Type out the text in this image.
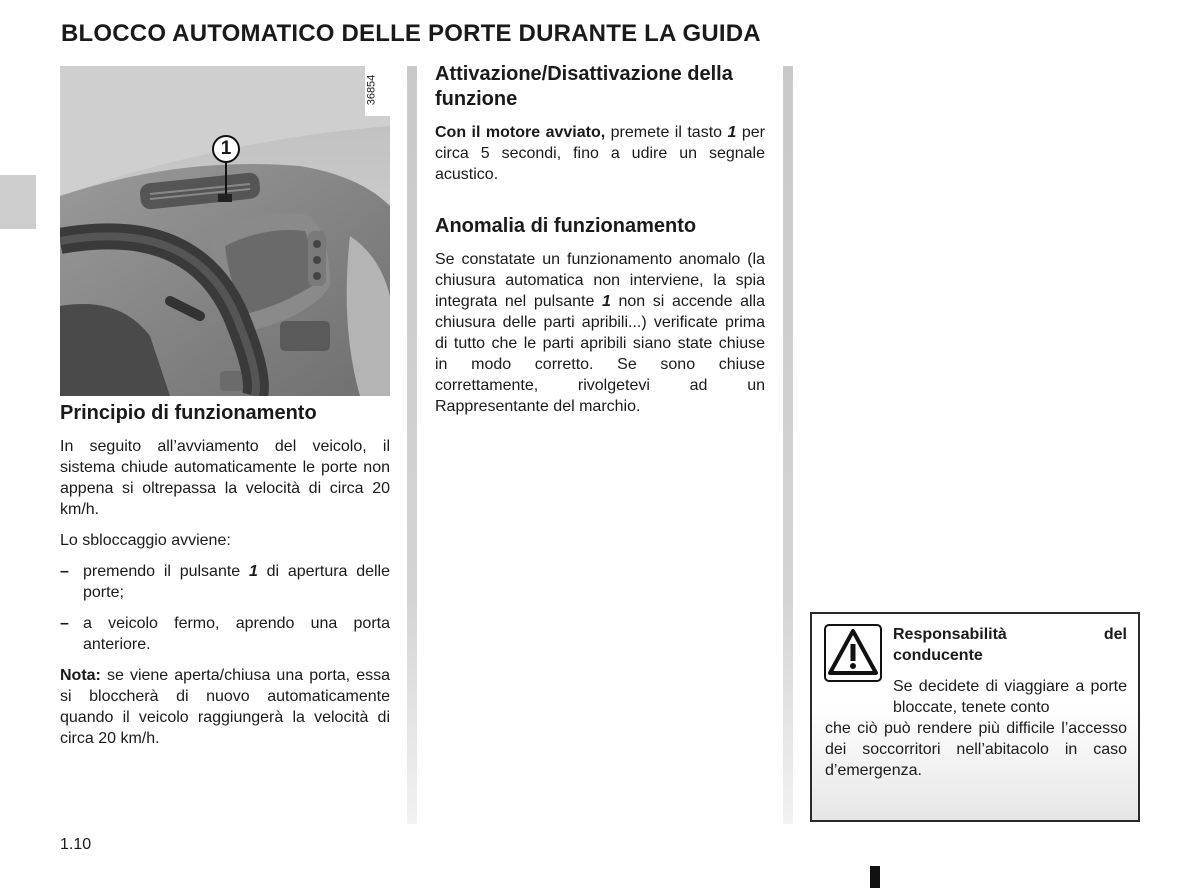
BLOCCO AUTOMATICO DELLE PORTE DURANTE LA GUIDA
1
36854
Principio di funzionamento

In seguito all’avviamento del veicolo, il sistema chiude automaticamente le porte non appena si oltrepassa la velocità di circa 20 km/h.

Lo sbloccaggio avviene:

– premendo il pulsante 1 di apertura delle porte;
– a veicolo fermo, aprendo una porta anteriore.

Nota: se viene aperta/chiusa una porta, essa si bloccherà di nuovo automaticamente quando il veicolo raggiungerà la velocità di circa 20 km/h.

Attivazione/Disattivazione della funzione

Con il motore avviato, premete il tasto 1 per circa 5 secondi, fino a udire un segnale acustico.

Anomalia di funzionamento

Se constatate un funzionamento anomalo (la chiusura automatica non interviene, la spia integrata nel pulsante 1 non si accende alla chiusura delle parti apribili...) verificate prima di tutto che le parti apribili siano state chiuse in modo corretto. Se sono chiuse correttamente, rivolgetevi ad un Rappresentante del marchio.

Responsabilità del conducente
Se decidete di viaggiare a porte bloccate, tenete conto
che ciò può rendere più difficile l’accesso dei soccorritori nell’abitacolo in caso d’emergenza.
1.10
